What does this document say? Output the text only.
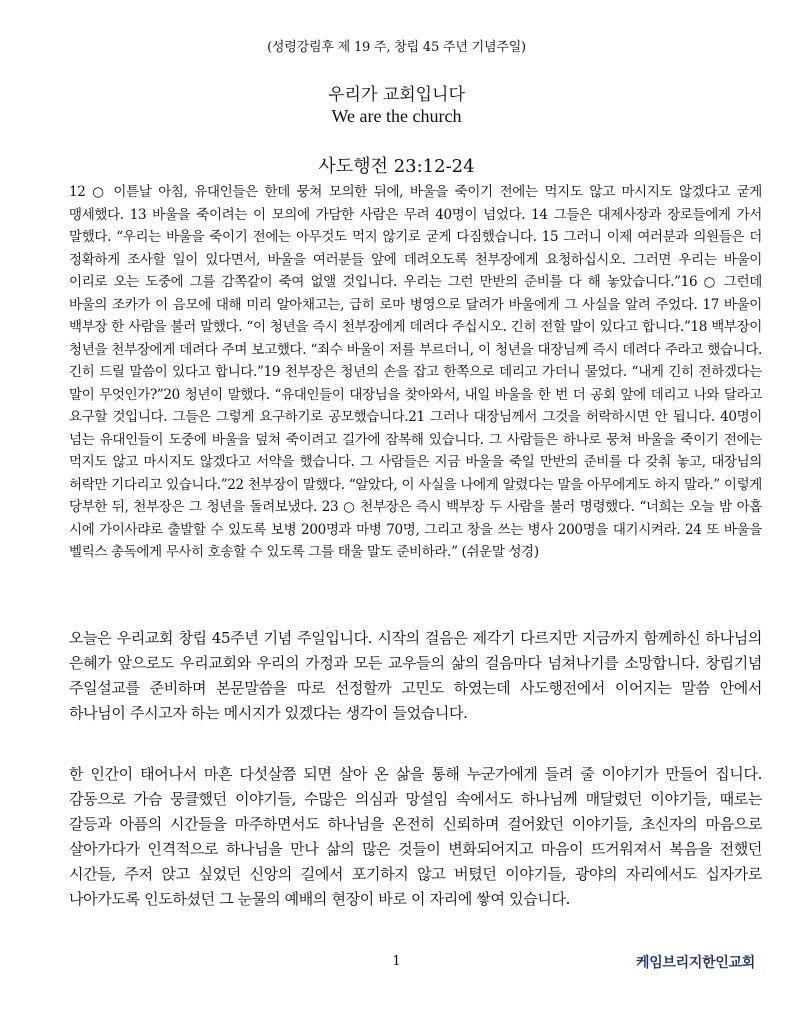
(성령강림후 제 19 주, 창립 45 주년 기념주일)
우리가 교회입니다
We are the church
사도행전 23:12-24
12 ○ 이튿날 아침, 유대인들은 한데 뭉쳐 모의한 뒤에, 바울을 죽이기 전에는 먹지도 않고 마시지도 않겠다고 굳게 맹세했다. 13 바울을 죽이려는 이 모의에 가담한 사람은 무려 40명이 넘었다. 14 그들은 대제사장과 장로들에게 가서 말했다. “우리는 바울을 죽이기 전에는 아무것도 먹지 않기로 굳게 다짐했습니다. 15 그러니 이제 여러분과 의원들은 더 정확하게 조사할 일이 있다면서, 바울을 여러분들 앞에 데려오도록 천부장에게 요청하십시오. 그러면 우리는 바울이 이리로 오는 도중에 그를 감쪽같이 죽여 없앨 것입니다. 우리는 그런 만반의 준비를 다 해 놓았습니다.”16 ○ 그런데 바울의 조카가 이 음모에 대해 미리 알아채고는, 급히 로마 병영으로 달려가 바울에게 그 사실을 알려 주었다. 17 바울이 백부장 한 사람을 불러 말했다. “이 청년을 즉시 천부장에게 데려다 주십시오. 긴히 전할 말이 있다고 합니다.”18 백부장이 청년을 천부장에게 데려다 주며 보고했다. “죄수 바울이 저를 부르더니, 이 청년을 대장님께 즉시 데려다 주라고 했습니다. 긴히 드릴 말씀이 있다고 합니다.”19 천부장은 청년의 손을 잡고 한쪽으로 데리고 가더니 물었다. “내게 긴히 전하겠다는 말이 무엇인가?”20 청년이 말했다. “유대인들이 대장님을 찾아와서, 내일 바울을 한 번 더 공회 앞에 데리고 나와 달라고 요구할 것입니다. 그들은 그렇게 요구하기로 공모했습니다.21 그러나 대장님께서 그것을 허락하시면 안 됩니다. 40명이 넘는 유대인들이 도중에 바울을 덮쳐 죽이려고 길가에 잠복해 있습니다. 그 사람들은 하나로 뭉쳐 바울을 죽이기 전에는 먹지도 않고 마시지도 않겠다고 서약을 했습니다. 그 사람들은 지금 바울을 죽일 만반의 준비를 다 갖춰 놓고, 대장님의 허락만 기다리고 있습니다.”22 천부장이 말했다. “알았다, 이 사실을 나에게 알렸다는 말을 아무에게도 하지 말라.” 이렇게 당부한 뒤, 천부장은 그 청년을 돌려보냈다. 23 ○ 천부장은 즉시 백부장 두 사람을 불러 명령했다. “너희는 오늘 밤 아홉 시에 가이사랴로 출발할 수 있도록 보병 200명과 마병 70명, 그리고 창을 쓰는 병사 200명을 대기시켜라. 24 또 바울을 벨릭스 총독에게 무사히 호송할 수 있도록 그를 태울 말도 준비하라.” (쉬운말 성경)
오늘은 우리교회 창립 45주년 기념 주일입니다. 시작의 걸음은 제각기 다르지만 지금까지 함께하신 하나님의 은혜가 앞으로도 우리교회와 우리의 가정과 모든 교우들의 삶의 걸음마다 넘쳐나기를 소망합니다. 창립기념 주일설교를 준비하며 본문말씀을 따로 선정할까 고민도 하였는데 사도행전에서 이어지는 말씀 안에서 하나님이 주시고자 하는 메시지가 있겠다는 생각이 들었습니다.
한 인간이 태어나서 마흔 다섯살쯤 되면 살아 온 삶을 통해 누군가에게 들려 줄 이야기가 만들어 집니다. 감동으로 가슴 뭉클했던 이야기들, 수많은 의심과 망설임 속에서도 하나님께 매달렸던 이야기들, 때로는 갈등과 아픔의 시간들을 마주하면서도 하나님을 온전히 신뢰하며 걸어왔던 이야기들, 초신자의 마음으로 살아가다가 인격적으로 하나님을 만나 삶의 많은 것들이 변화되어지고 마음이 뜨거워져서 복음을 전했던 시간들, 주저 앉고 싶었던 신앙의 길에서 포기하지 않고 버텼던 이야기들, 광야의 자리에서도 십자가로 나아가도록 인도하셨던 그 눈물의 예배의 현장이 바로 이 자리에 쌓여 있습니다.
1	케임브리지한인교회
